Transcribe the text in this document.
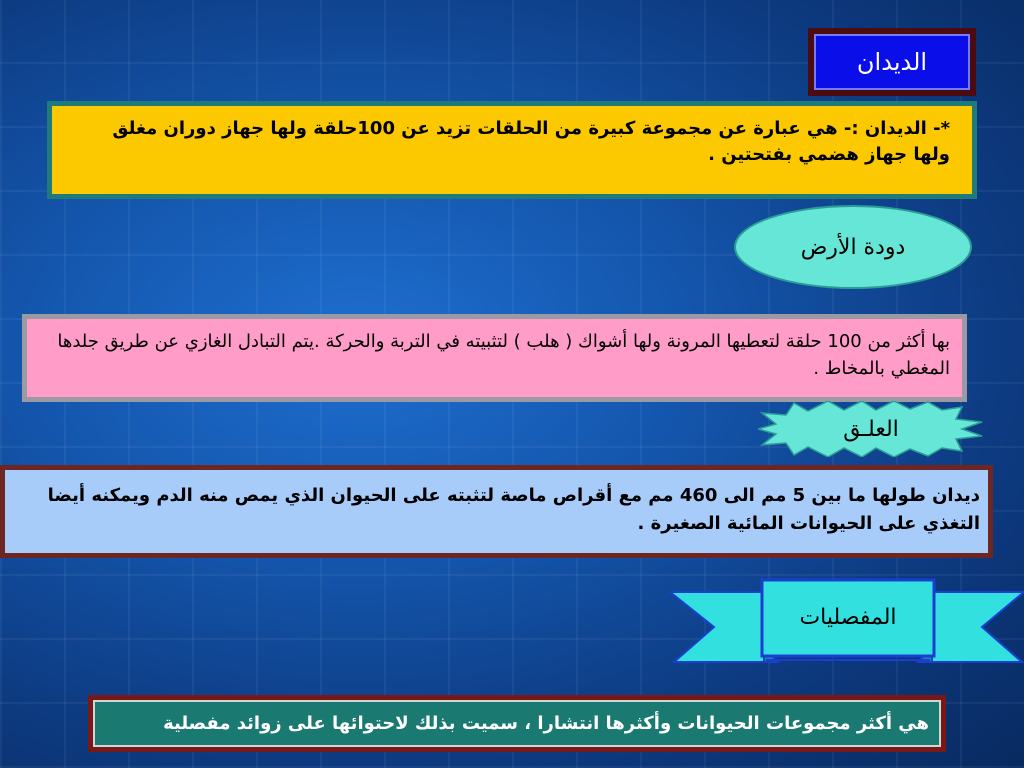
الديدان
*- الديدان :- هي عبارة عن مجموعة كبيرة من الحلقات تزيد عن 100حلقة ولها جهاز دوران مغلق ولها جهاز هضمي بفتحتين .
دودة الأرض
بها أكثر من 100 حلقة لتعطيها المرونة ولها أشواك ( هلب ) لتثبيته في التربة والحركة .يتم التبادل الغازي عن طريق جلدها المغطي بالمخاط .
العلـق
ديدان طولها ما بين 5 مم الى 460 مم مع أقراص ماصة لتثبته على الحيوان الذي يمص منه الدم ويمكنه أيضا التغذي على الحيوانات المائية الصغيرة .
المفصليات
هي أكثر مجموعات الحيوانات وأكثرها انتشارا ، سميت بذلك لاحتوائها على زوائد مفصلية
